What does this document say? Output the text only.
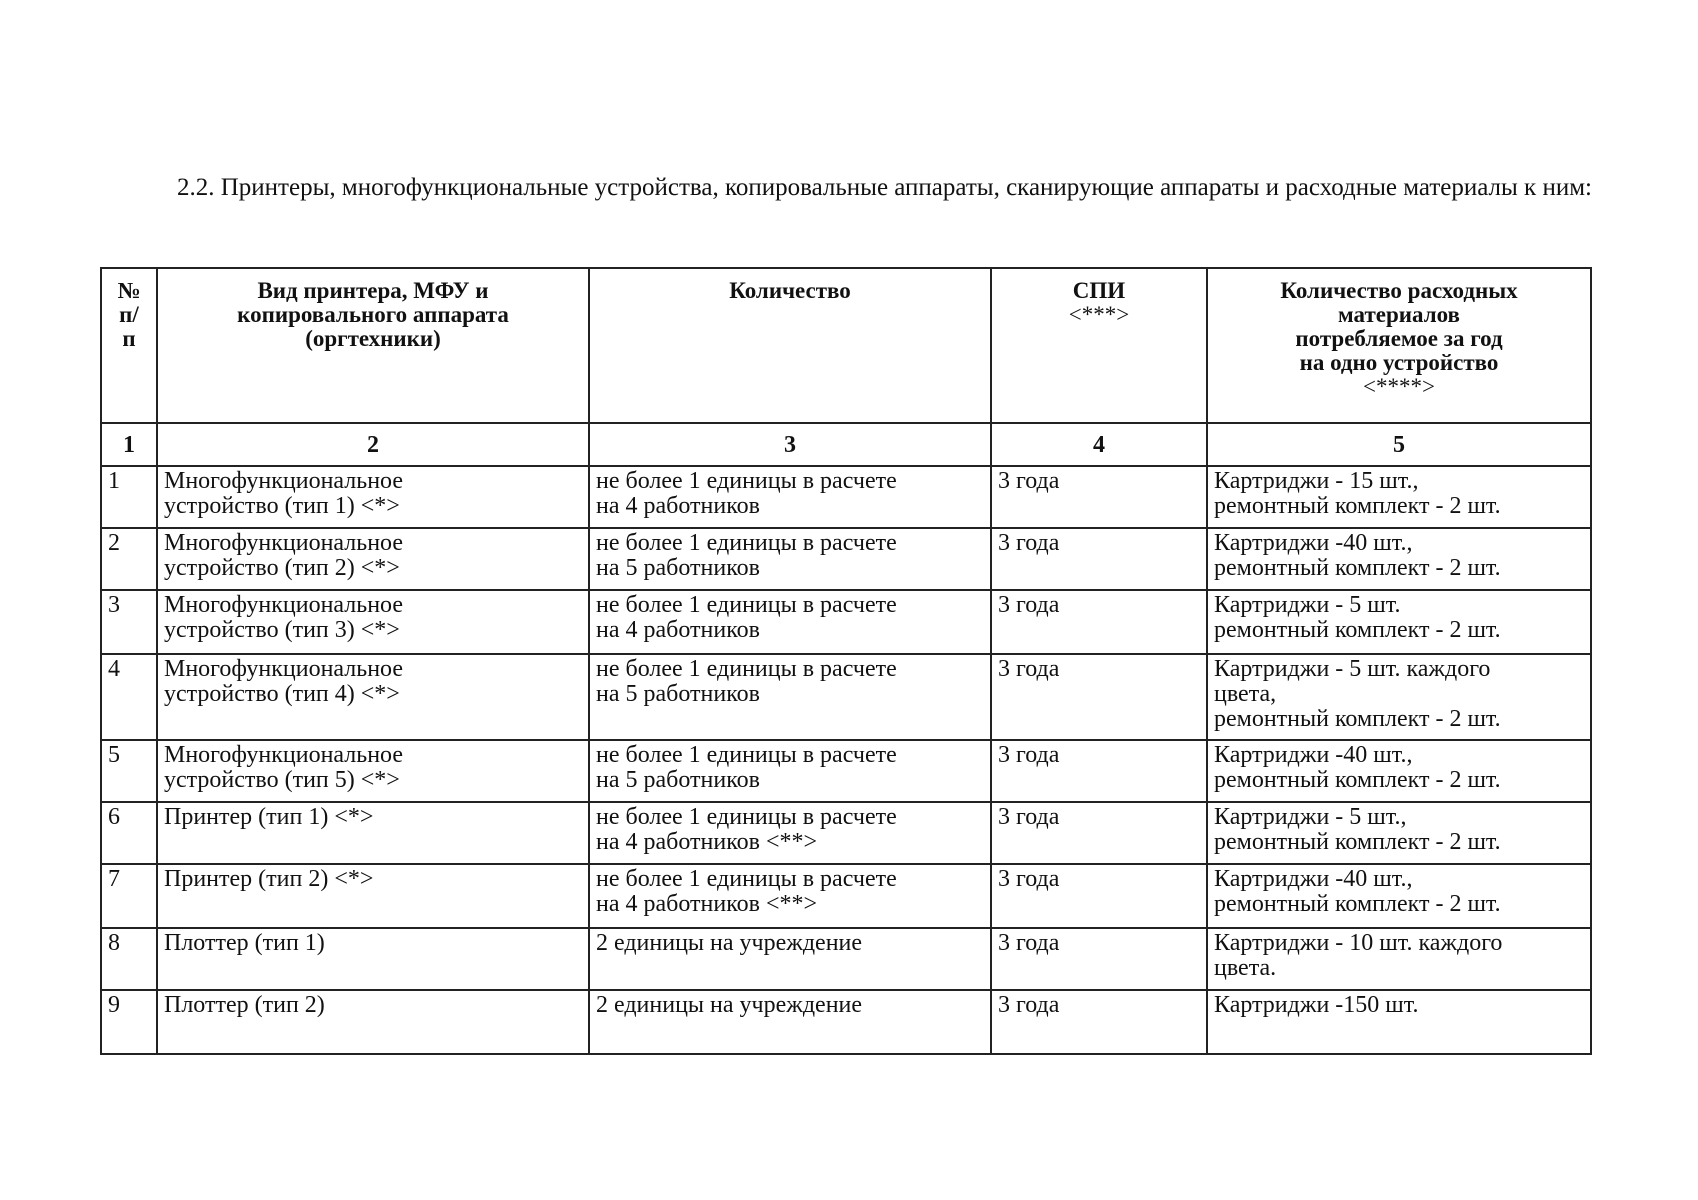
2.2. Принтеры, многофункциональные устройства, копировальные аппараты, сканирующие аппараты и расходные материалы к ним:

№
п/
п	Вид принтера, МФУ и
копировального аппарата
(оргтехники)	Количество	СПИ
<***>	Количество расходных
материалов
потребляемое за год
на одно устройство
<****>

1	2	3	4	5
1	Многофункциональное
устройство (тип 1) <*>	не более 1 единицы в расчете
на 4 работников	3 года	Картриджи - 15 шт.,
ремонтный комплект - 2 шт.

2	Многофункциональное
устройство (тип 2) <*>	не более 1 единицы в расчете
на 5 работников	3 года	Картриджи -40 шт.,
ремонтный комплект - 2 шт.

3	Многофункциональное
устройство (тип 3) <*>	не более 1 единицы в расчете
на 4 работников	3 года	Картриджи - 5 шт.
ремонтный комплект - 2 шт.

4	Многофункциональное
устройство (тип 4) <*>	не более 1 единицы в расчете
на 5 работников	3 года	Картриджи - 5 шт. каждого
цвета,
ремонтный комплект - 2 шт.

5	Многофункциональное
устройство (тип 5) <*>	не более 1 единицы в расчете
на 5 работников	3 года	Картриджи -40 шт.,
ремонтный комплект - 2 шт.

6	Принтер (тип 1) <*>	не более 1 единицы в расчете
на 4 работников <**>	3 года	Картриджи - 5 шт.,
ремонтный комплект - 2 шт.

7	Принтер (тип 2) <*>	не более 1 единицы в расчете
на 4 работников <**>	3 года	Картриджи -40 шт.,
ремонтный комплект - 2 шт.

8	Плоттер (тип 1)	2 единицы на учреждение	3 года	Картриджи - 10 шт. каждого
цвета.

9	Плоттер (тип 2)	2 единицы на учреждение	3 года	Картриджи -150 шт.
